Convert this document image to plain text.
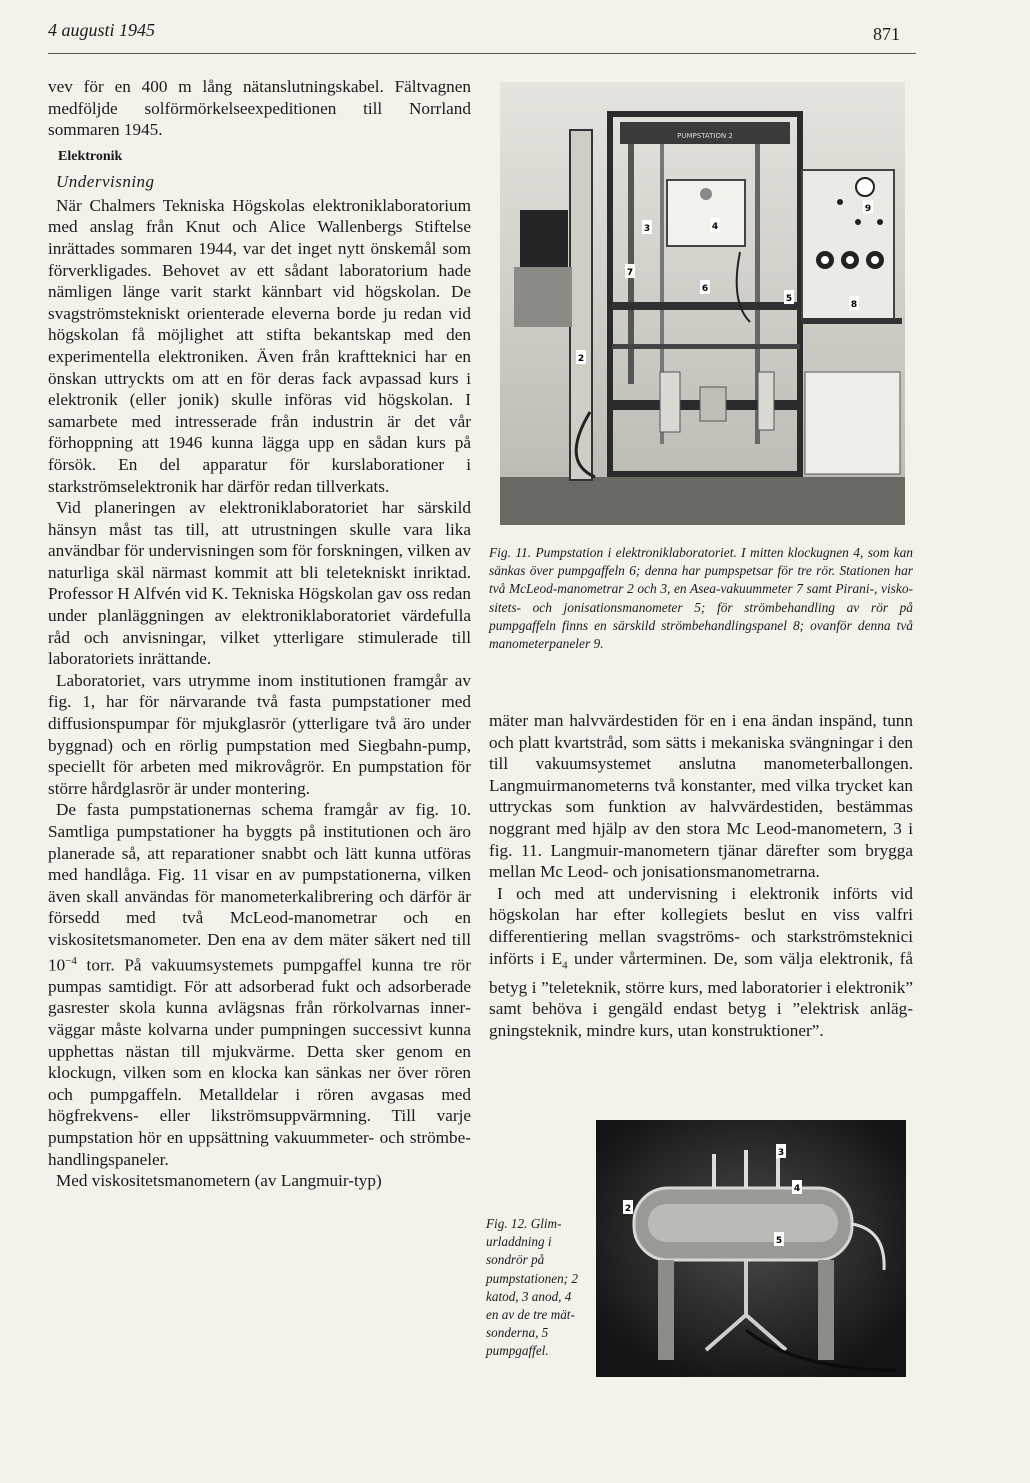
4 augusti 1945	871

vev för en 400 m lång nätanslutningskabel. Fältvagnen medföljde solförmörkelseexpeditionen till Norrland sommaren 1945.

Elektronik
Undervisning

När Chalmers Tekniska Högskolas elektroniklaboratorium med anslag från Knut och Alice Wallenbergs Stiftelse inrättades sommaren 1944, var det inget nytt önskemål som förverkligades. Behovet av ett sådant laboratorium hade nämligen länge varit starkt kännbart vid högskolan. De svagströmstekniskt orienterade eleverna borde ju redan vid högskolan få möjlighet att stifta bekantskap med den experimentella elektroniken. Även från kraftteknici har en önskan uttryckts om att en för deras fack avpassad kurs i elektronik (eller jonik) skulle införas vid högskolan. I samarbete med intresserade från industrin är det vår förhoppning att 1946 kunna lägga upp en sådan kurs på försök. En del apparatur för kurslaborationer i starkströmselektronik har därför redan tillverkats.

Vid planeringen av elektroniklaboratoriet har särskild hänsyn måst tas till, att utrustningen skulle vara lika användbar för undervisningen som för forskningen, vilken av naturliga skäl närmast kommit att bli teletekniskt inriktad. Professor H Alfvén vid K. Tekniska Högskolan gav oss redan under planläggningen av elektroniklaboratoriet värdefulla råd och anvisningar, vilket ytterligare stimulerade till laboratoriets inrättande.

Laboratoriet, vars utrymme inom institutionen framgår av fig. 1, har för närvarande två fasta pumpstationer med diffusionspumpar för mjukglasrör (ytterligare två äro under byggnad) och en rörlig pumpstation med Siegbahn-pump, speciellt för arbeten med mikrovågrör. En pumpstation för större hårdglasrör är under montering.

De fasta pumpstationernas schema framgår av fig. 10. Samtliga pumpstationer ha byggts på institutionen och äro planerade så, att reparationer snabbt och lätt kunna utföras med handlåga. Fig. 11 visar en av pumpstationerna, vilken även skall användas för manometerkalibrering och därför är försedd med två McLeod-manometrar och en viskositetsmanometer. Den ena av dem mäter säkert ned till $10^{-4}$ torr. På vakuumsystemets pumpgaffel kunna tre rör pumpas samtidigt. För att adsorberad fukt och adsorberade gasrester skola kunna avlägsnas från rörkolvarnas innerväggar måste kolvarna under pumpningen successivt kunna upphettas nästan till mjukvärme. Detta sker genom en klockugn, vilken som en klocka kan sänkas ner över rören och pumpgaffeln. Metalldelar i rören avgasas med högfrekvens- eller likströmsuppvärmning. Till varje pumpstation hör en uppsättning vakuummeter- och strömbehandlingspaneler.

Med viskositetsmanometern (av Langmuir-typ)

PUMPSTATION 2
2
3	4
5
6
7
8
9
Fig. 11. Pumpstation i elektroniklaboratoriet. I mitten klockugnen 4, som kan sänkas över pumpgaffeln 6; denna har pumpspetsar för tre rör. Stationen har två McLeod-manometrar 2 och 3, en Asea-vakuummeter 7 samt Pirani-, viskositets- och jonisationsmanometer 5; för strömbehandling av rör på pumpgaffeln finns en särskild strömbehandlingspanel 8; ovanför denna två manometerpaneler 9.

mäter man halvvärdestiden för en i ena ändan inspänd, tunn och platt kvartstråd, som sätts i mekaniska svängningar i den till vakuumsystemet anslutna manometerballongen. Langmuirmanometerns två konstanter, med vilka trycket kan uttryckas som funktion av halvvärdestiden, bestämmas noggrant med hjälp av den stora Mc Leod-manometern, 3 i fig. 11. Langmuir-manometern tjänar därefter som brygga mellan Mc Leod- och jonisationsmanometrarna.

I och med att undervisning i elektronik införts vid högskolan har efter kollegiets beslut en viss valfri differentiering mellan svagströms- och starkströmsteknici införts i $E_4$ under vårterminen. De, som välja elektronik, få betyg i ”teleteknik, större kurs, med laboratorier i elektronik” samt behöva i gengäld endast betyg i ”elektrisk anläggningsteknik, mindre kurs, utan konstruktioner”.

2
3
4
5
Fig. 12. Glimurladdning i sondrör på pumpstationen; 2 katod, 3 anod, 4 en av de tre mätsonderna, 5 pumpgaffel.
